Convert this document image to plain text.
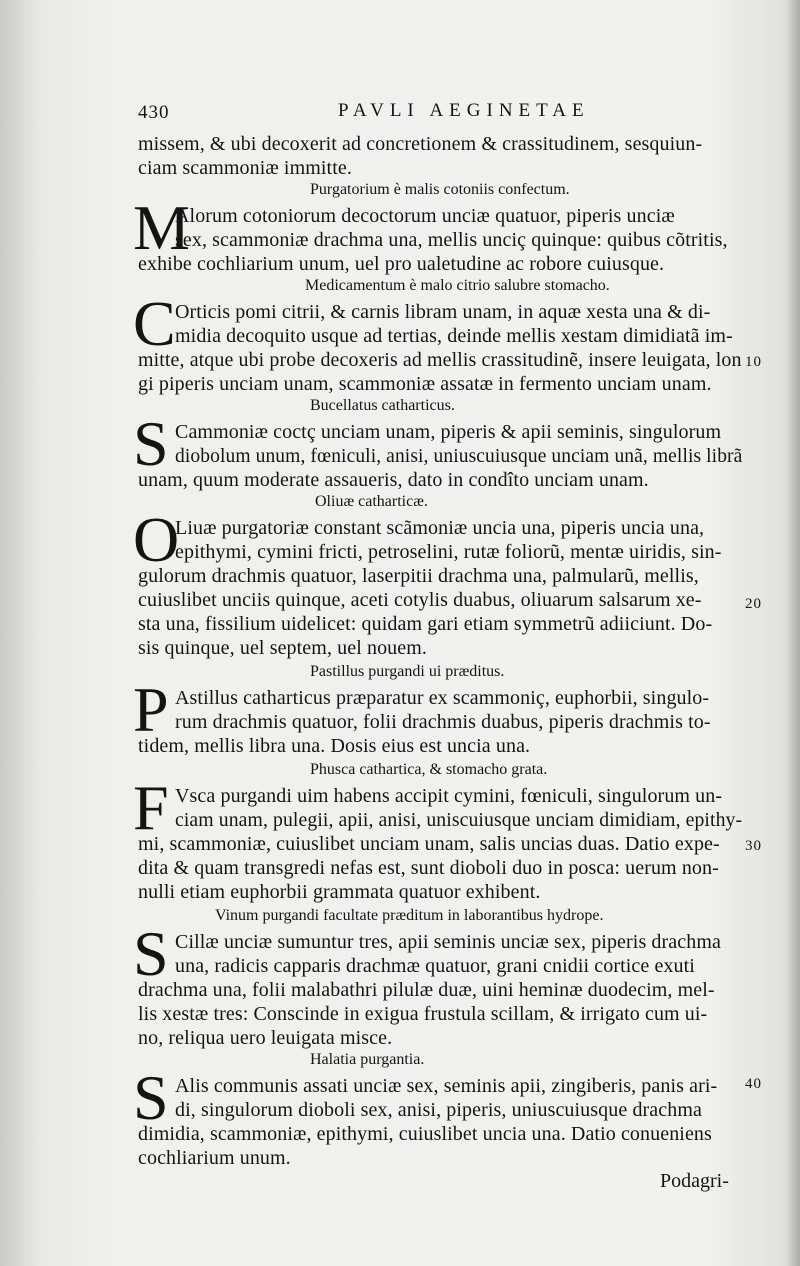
430	PAVLI AEGINETAE
missem, & ubi decoxerit ad concretionem & crassitudinem, sesquiun-
ciam scammoniæ immitte.
Purgatorium è malis cotoniis confectum.
M
Alorum cotoniorum decoctorum unciæ quatuor, piperis unciæ
sex, scammoniæ drachma una, mellis unciç quinque: quibus cõtritis,
exhibe cochliarium unum, uel pro ualetudine ac robore cuiusque.
Medicamentum è malo citrio salubre stomacho.
C Orticis pomi citrii, & carnis libram unam, in aquæ xesta una & di-
midia decoquito usque ad tertias, deinde mellis xestam dimidiatã im-
mitte, atque ubi probe decoxeris ad mellis crassitudinẽ, insere leuigata, lon 10
gi piperis unciam unam, scammoniæ assatæ in fermento unciam unam.
Bucellatus catharticus.
S Cammoniæ coctç unciam unam, piperis & apii seminis, singulorum
diobolum unum, fœniculi, anisi, uniuscuiusque unciam unã, mellis librã
unam, quum moderate assaueris, dato in condîto unciam unam.
Oliuæ catharticæ.
O
Liuæ purgatoriæ constant scãmoniæ uncia una, piperis uncia una,
epithymi, cymini fricti, petroselini, rutæ foliorũ, mentæ uiridis, sin-
gulorum drachmis quatuor, laserpitii drachma una, palmularũ, mellis,
cuiuslibet unciis quinque, aceti cotylis duabus, oliuarum salsarum xe-	20
sta una, fissilium uidelicet: quidam gari etiam symmetrũ adiiciunt. Do-
sis quinque, uel septem, uel nouem.
Pastillus purgandi ui præditus.
P Astillus catharticus præparatur ex scammoniç, euphorbii, singulo-
rum drachmis quatuor, folii drachmis duabus, piperis drachmis to-
tidem, mellis libra una. Dosis eius est uncia una.
Phusca cathartica, & stomacho grata.
F Vsca purgandi uim habens accipit cymini, fœniculi, singulorum un-
ciam unam, pulegii, apii, anisi, uniscuiusque unciam dimidiam, epithy-
mi, scammoniæ, cuiuslibet unciam unam, salis uncias duas. Datio expe- 30
dita & quam transgredi nefas est, sunt dioboli duo in posca: uerum non-
nulli etiam euphorbii grammata quatuor exhibent.
Vinum purgandi facultate præditum in laborantibus hydrope.
S Cillæ unciæ sumuntur tres, apii seminis unciæ sex, piperis drachma
una, radicis capparis drachmæ quatuor, grani cnidii cortice exuti
drachma una, folii malabathri pilulæ duæ, uini heminæ duodecim, mel-
lis xestæ tres: Conscinde in exigua frustula scillam, & irrigato cum ui-
no, reliqua uero leuigata misce.
Halatia purgantia.
S Alis communis assati unciæ sex, seminis apii, zingiberis, panis ari- 40
di, singulorum dioboli sex, anisi, piperis, uniuscuiusque drachma
dimidia, scammoniæ, epithymi, cuiuslibet uncia una. Datio conueniens
cochliarium unum.
Podagri-
